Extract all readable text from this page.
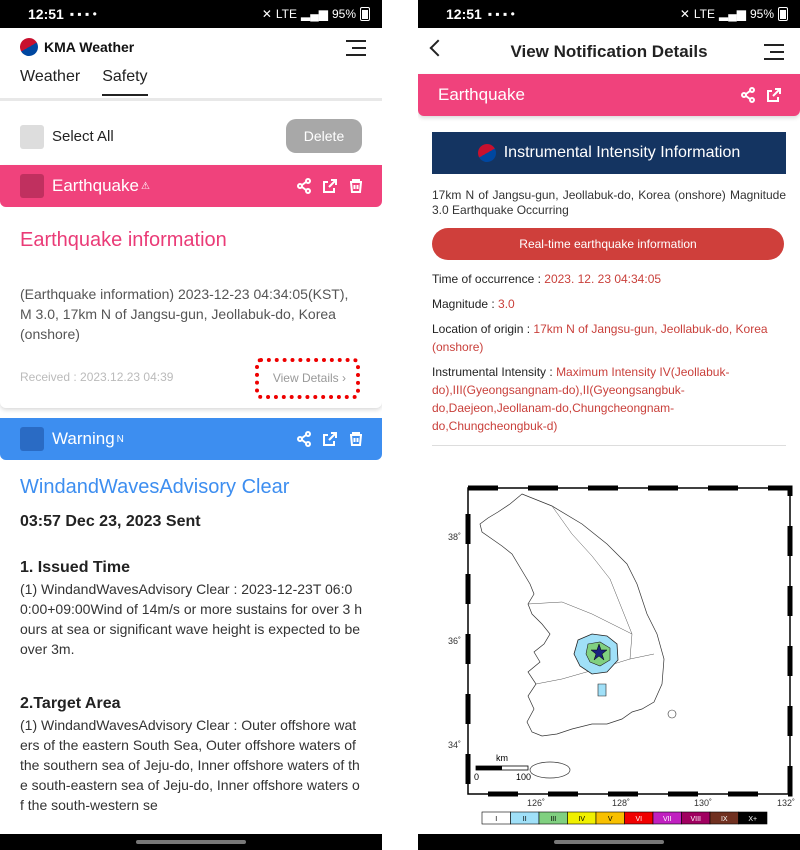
12:51 ▪ ▪ ▪ •	✕ LTE ▂▄▆ 95%
KMA Weather
Weather Safety
Select All	Delete
Earthquake ⚠
Earthquake information
(Earthquake information) 2023-12-23 04:34:05(KST), M 3.0, 17km N of Jangsu-gun, Jeollabuk-do, Korea (onshore)
Received : 2023.12.23 04:39	View Details ›
Warning N
WindandWavesAdvisory Clear
03:57 Dec 23, 2023 Sent
1. Issued Time
(1) WindandWavesAdvisory Clear : 2023-12-23T 06:00:00+09:00Wind of 14m/s or more sustains for over 3 hours at sea or significant wave height is expected to be over 3m.
2.Target Area
(1) WindandWavesAdvisory Clear : Outer offshore waters of the eastern South Sea, Outer offshore waters of the southern sea of Jeju-do, Inner offshore waters of the south-eastern sea of Jeju-do, Inner offshore waters of the south-western se
12:51 ▪ ▪ ▪ •	✕ LTE ▂▄▆ 95%
View Notification Details
Earthquake
Instrumental Intensity Information
17km N of Jangsu-gun, Jeollabuk-do, Korea (onshore) Magnitude 3.0 Earthquake Occurring
Real-time earthquake information
Time of occurrence : 2023. 12. 23 04:34:05
Magnitude : 3.0
Location of origin : 17km N of Jangsu-gun, Jeollabuk-do, Korea (onshore)
Instrumental Intensity : Maximum Intensity IV(Jeollabuk-do),III(Gyeongsangnam-do),II(Gyeongsangbuk-do,Daejeon,Jeollanam-do,Chungcheongnam-do,Chungcheongbuk-d)
38˚
36˚
34˚
126˚	128˚	130˚	132˚
km
0	100
I	II	III	IV	V	VI	VII	VIII	IX	X+
